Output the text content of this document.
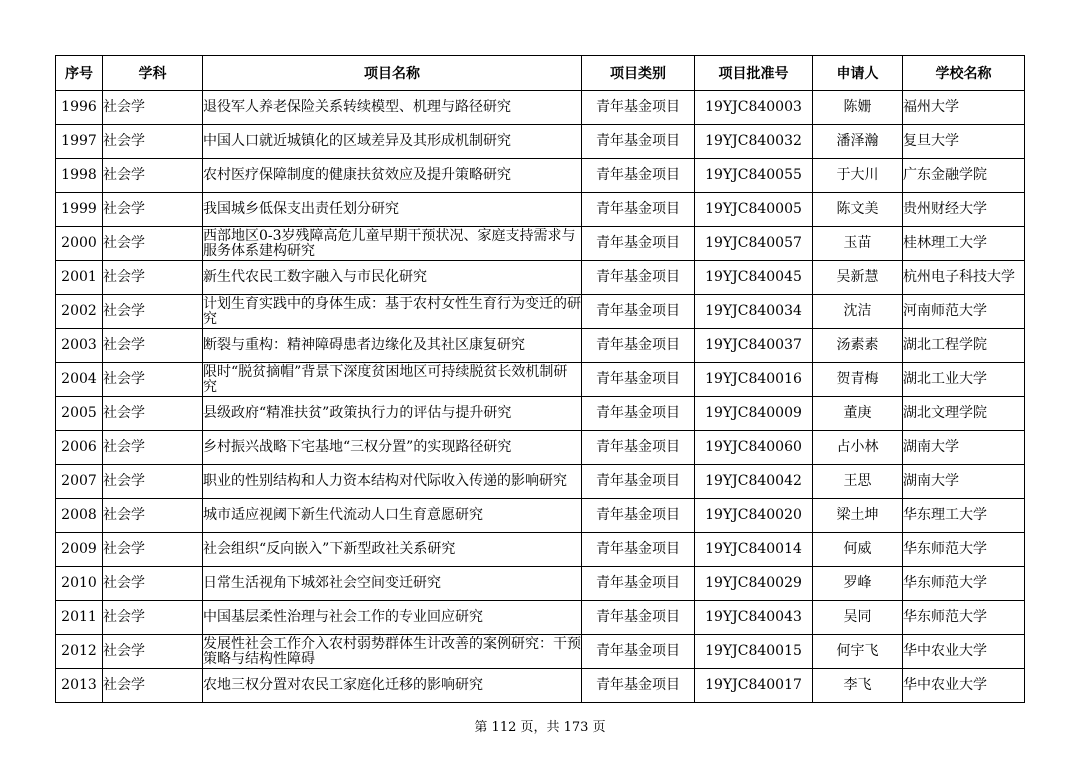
序号	学科	项目名称	项目类别	项目批准号	申请人	学校名称
1996	社会学	退役军人养老保险关系转续模型、机理与路径研究	青年基金项目	19YJC840003	陈姗	福州大学
1997	社会学	中国人口就近城镇化的区域差异及其形成机制研究	青年基金项目	19YJC840032	潘泽瀚	复旦大学
1998	社会学	农村医疗保障制度的健康扶贫效应及提升策略研究	青年基金项目	19YJC840055	于大川	广东金融学院
1999	社会学	我国城乡低保支出责任划分研究	青年基金项目	19YJC840005	陈文美	贵州财经大学
2000	社会学	西部地区0-3岁残障高危儿童早期干预状况、家庭支持需求与服务体系建构研究	青年基金项目	19YJC840057	玉苗	桂林理工大学
2001	社会学	新生代农民工数字融入与市民化研究	青年基金项目	19YJC840045	吴新慧	杭州电子科技大学
2002	社会学	计划生育实践中的身体生成：基于农村女性生育行为变迁的研究	青年基金项目	19YJC840034	沈洁	河南师范大学
2003	社会学	断裂与重构：精神障碍患者边缘化及其社区康复研究	青年基金项目	19YJC840037	汤素素	湖北工程学院
2004	社会学	限时“脱贫摘帽”背景下深度贫困地区可持续脱贫长效机制研究	青年基金项目	19YJC840016	贺青梅	湖北工业大学
2005	社会学	县级政府“精准扶贫”政策执行力的评估与提升研究	青年基金项目	19YJC840009	董庚	湖北文理学院
2006	社会学	乡村振兴战略下宅基地“三权分置”的实现路径研究	青年基金项目	19YJC840060	占小林	湖南大学
2007	社会学	职业的性别结构和人力资本结构对代际收入传递的影响研究	青年基金项目	19YJC840042	王思	湖南大学
2008	社会学	城市适应视阈下新生代流动人口生育意愿研究	青年基金项目	19YJC840020	梁土坤	华东理工大学
2009	社会学	社会组织“反向嵌入”下新型政社关系研究	青年基金项目	19YJC840014	何威	华东师范大学
2010	社会学	日常生活视角下城郊社会空间变迁研究	青年基金项目	19YJC840029	罗峰	华东师范大学
2011	社会学	中国基层柔性治理与社会工作的专业回应研究	青年基金项目	19YJC840043	吴同	华东师范大学
2012	社会学	发展性社会工作介入农村弱势群体生计改善的案例研究：干预策略与结构性障碍	青年基金项目	19YJC840015	何宇飞	华中农业大学
2013	社会学	农地三权分置对农民工家庭化迁移的影响研究	青年基金项目	19YJC840017	李飞	华中农业大学
第 112 页，共 173 页
